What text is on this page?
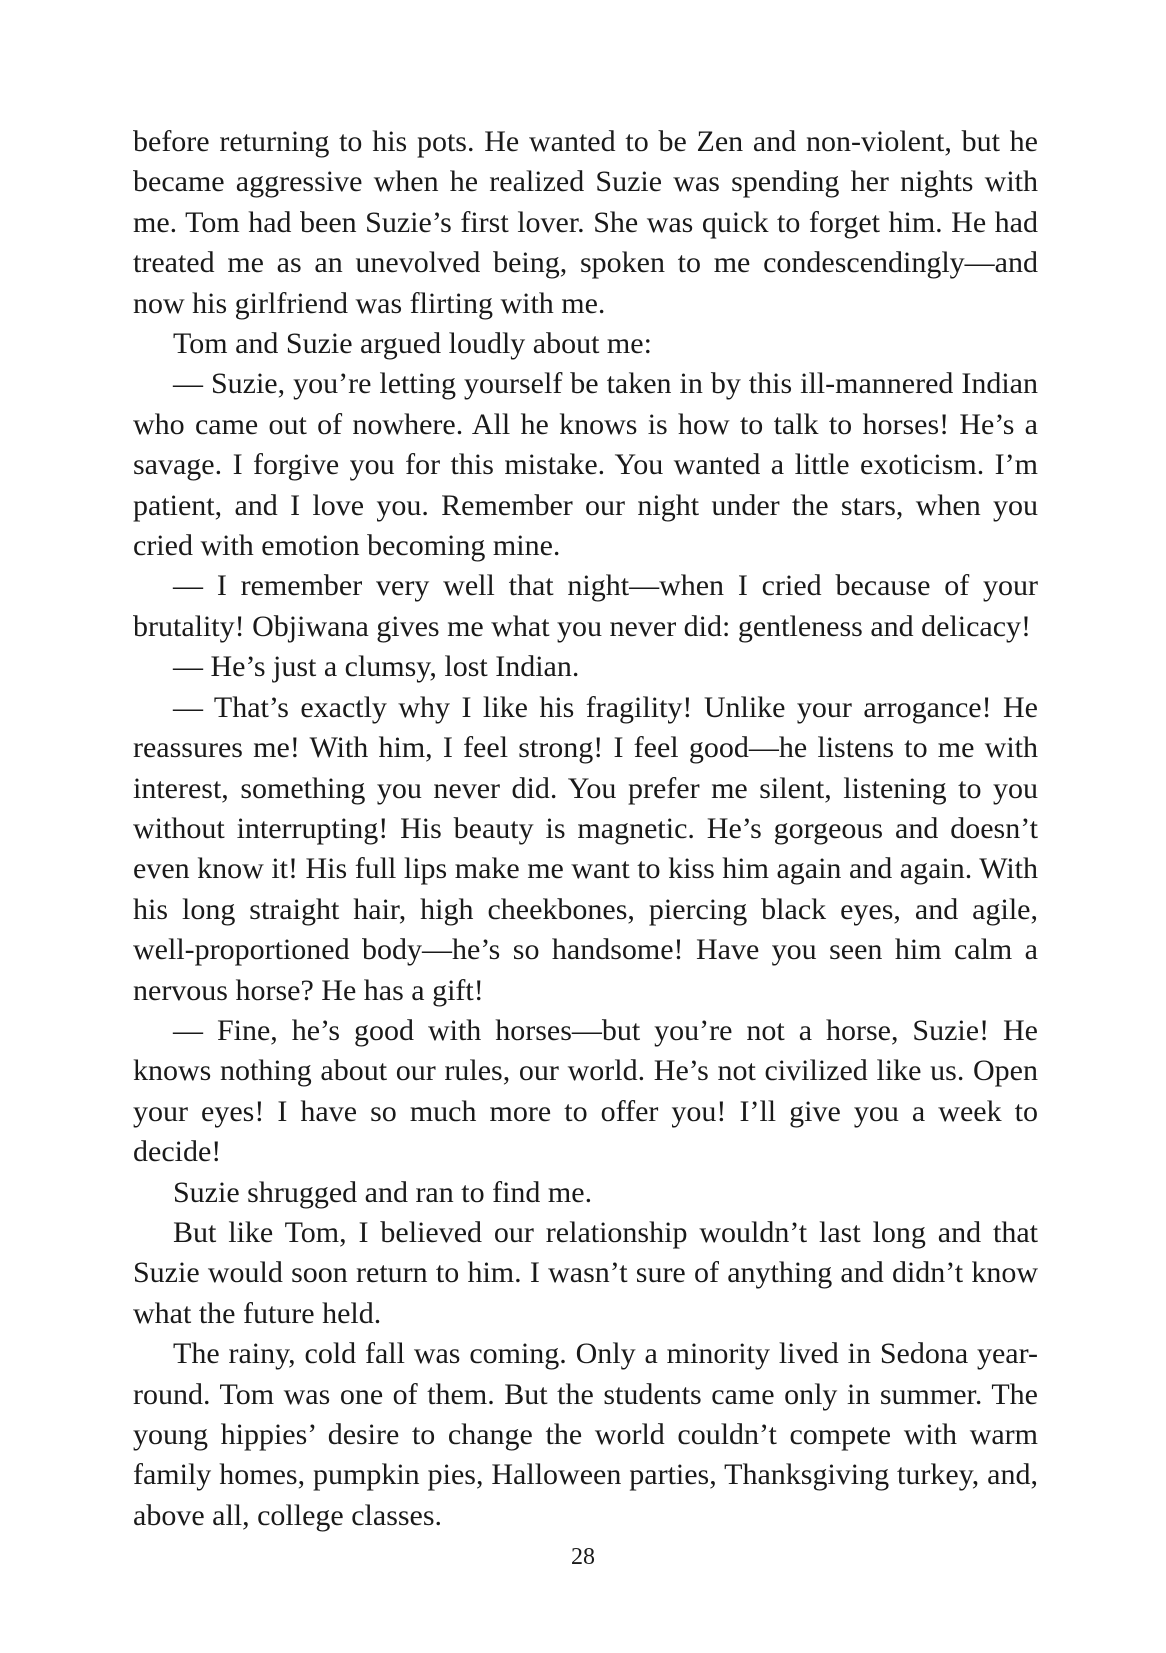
before returning to his pots. He wanted to be Zen and non-violent, but he became aggressive when he realized Suzie was spending her nights with me. Tom had been Suzie’s first lover. She was quick to forget him. He had treated me as an unevolved being, spoken to me condescendingly—and now his girlfriend was flirting with me.

Tom and Suzie argued loudly about me:

— Suzie, you’re letting yourself be taken in by this ill-mannered Indian who came out of nowhere. All he knows is how to talk to horses! He’s a savage. I forgive you for this mistake. You wanted a little exoticism. I’m patient, and I love you. Remember our night under the stars, when you cried with emotion becoming mine.

— I remember very well that night—when I cried because of your brutality! Objiwana gives me what you never did: gentleness and delicacy!

— He’s just a clumsy, lost Indian.

— That’s exactly why I like his fragility! Unlike your arrogance! He reassures me! With him, I feel strong! I feel good—he listens to me with interest, something you never did. You prefer me silent, listening to you without interrupting! His beauty is magnetic. He’s gorgeous and doesn’t even know it! His full lips make me want to kiss him again and again. With his long straight hair, high cheekbones, piercing black eyes, and agile, well-proportioned body—he’s so handsome! Have you seen him calm a nervous horse? He has a gift!

— Fine, he’s good with horses—but you’re not a horse, Suzie! He knows nothing about our rules, our world. He’s not civilized like us. Open your eyes! I have so much more to offer you! I’ll give you a week to decide!

Suzie shrugged and ran to find me.

But like Tom, I believed our relationship wouldn’t last long and that Suzie would soon return to him. I wasn’t sure of anything and didn’t know what the future held.

The rainy, cold fall was coming. Only a minority lived in Sedona year-round. Tom was one of them. But the students came only in summer. The young hippies’ desire to change the world couldn’t compete with warm family homes, pumpkin pies, Halloween parties, Thanksgiving turkey, and, above all, college classes.

28
